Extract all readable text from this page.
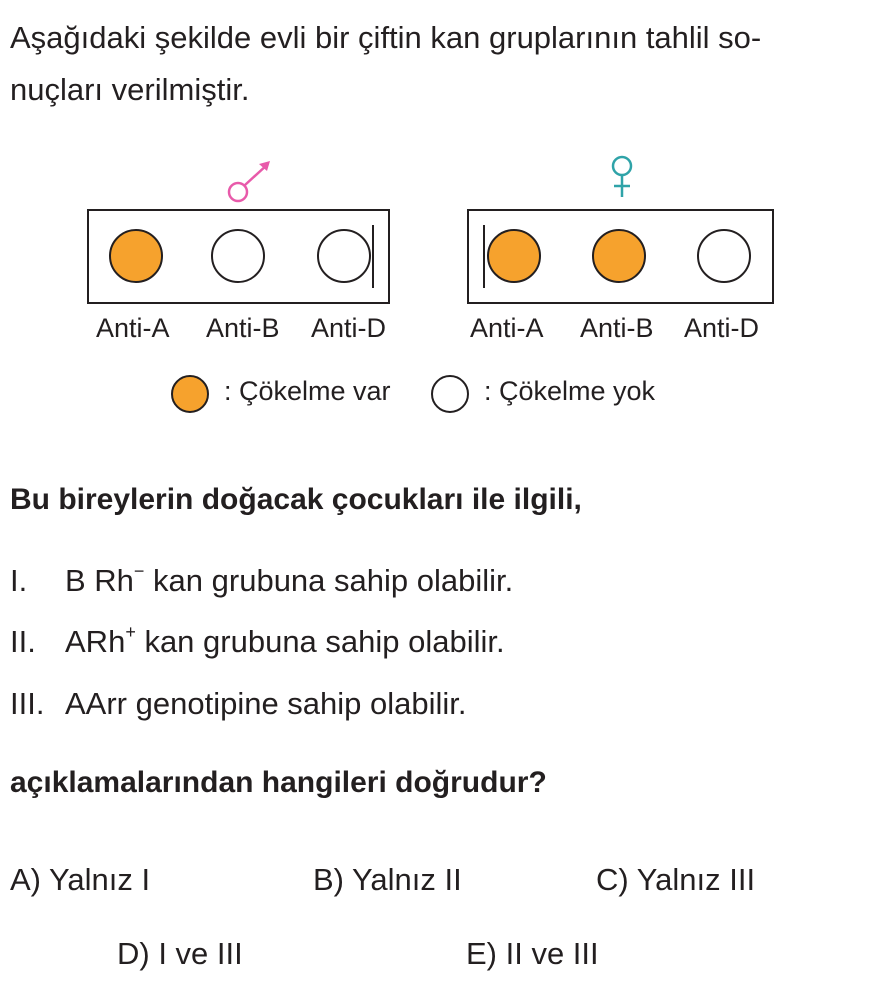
Aşağıdaki şekilde evli bir çiftin kan gruplarının tahlil so-
nuçları verilmiştir.
Anti-A Anti-B Anti-D	Anti-A Anti-B Anti-D
: Çökelme var	: Çökelme yok
Bu bireylerin doğacak çocukları ile ilgili,
I. B Rh− kan grubuna sahip olabilir.
II. ARh+ kan grubuna sahip olabilir.
III. AArr genotipine sahip olabilir.
açıklamalarından hangileri doğrudur?
A) Yalnız I	B) Yalnız II	C) Yalnız III
D) I ve III	E) II ve III
